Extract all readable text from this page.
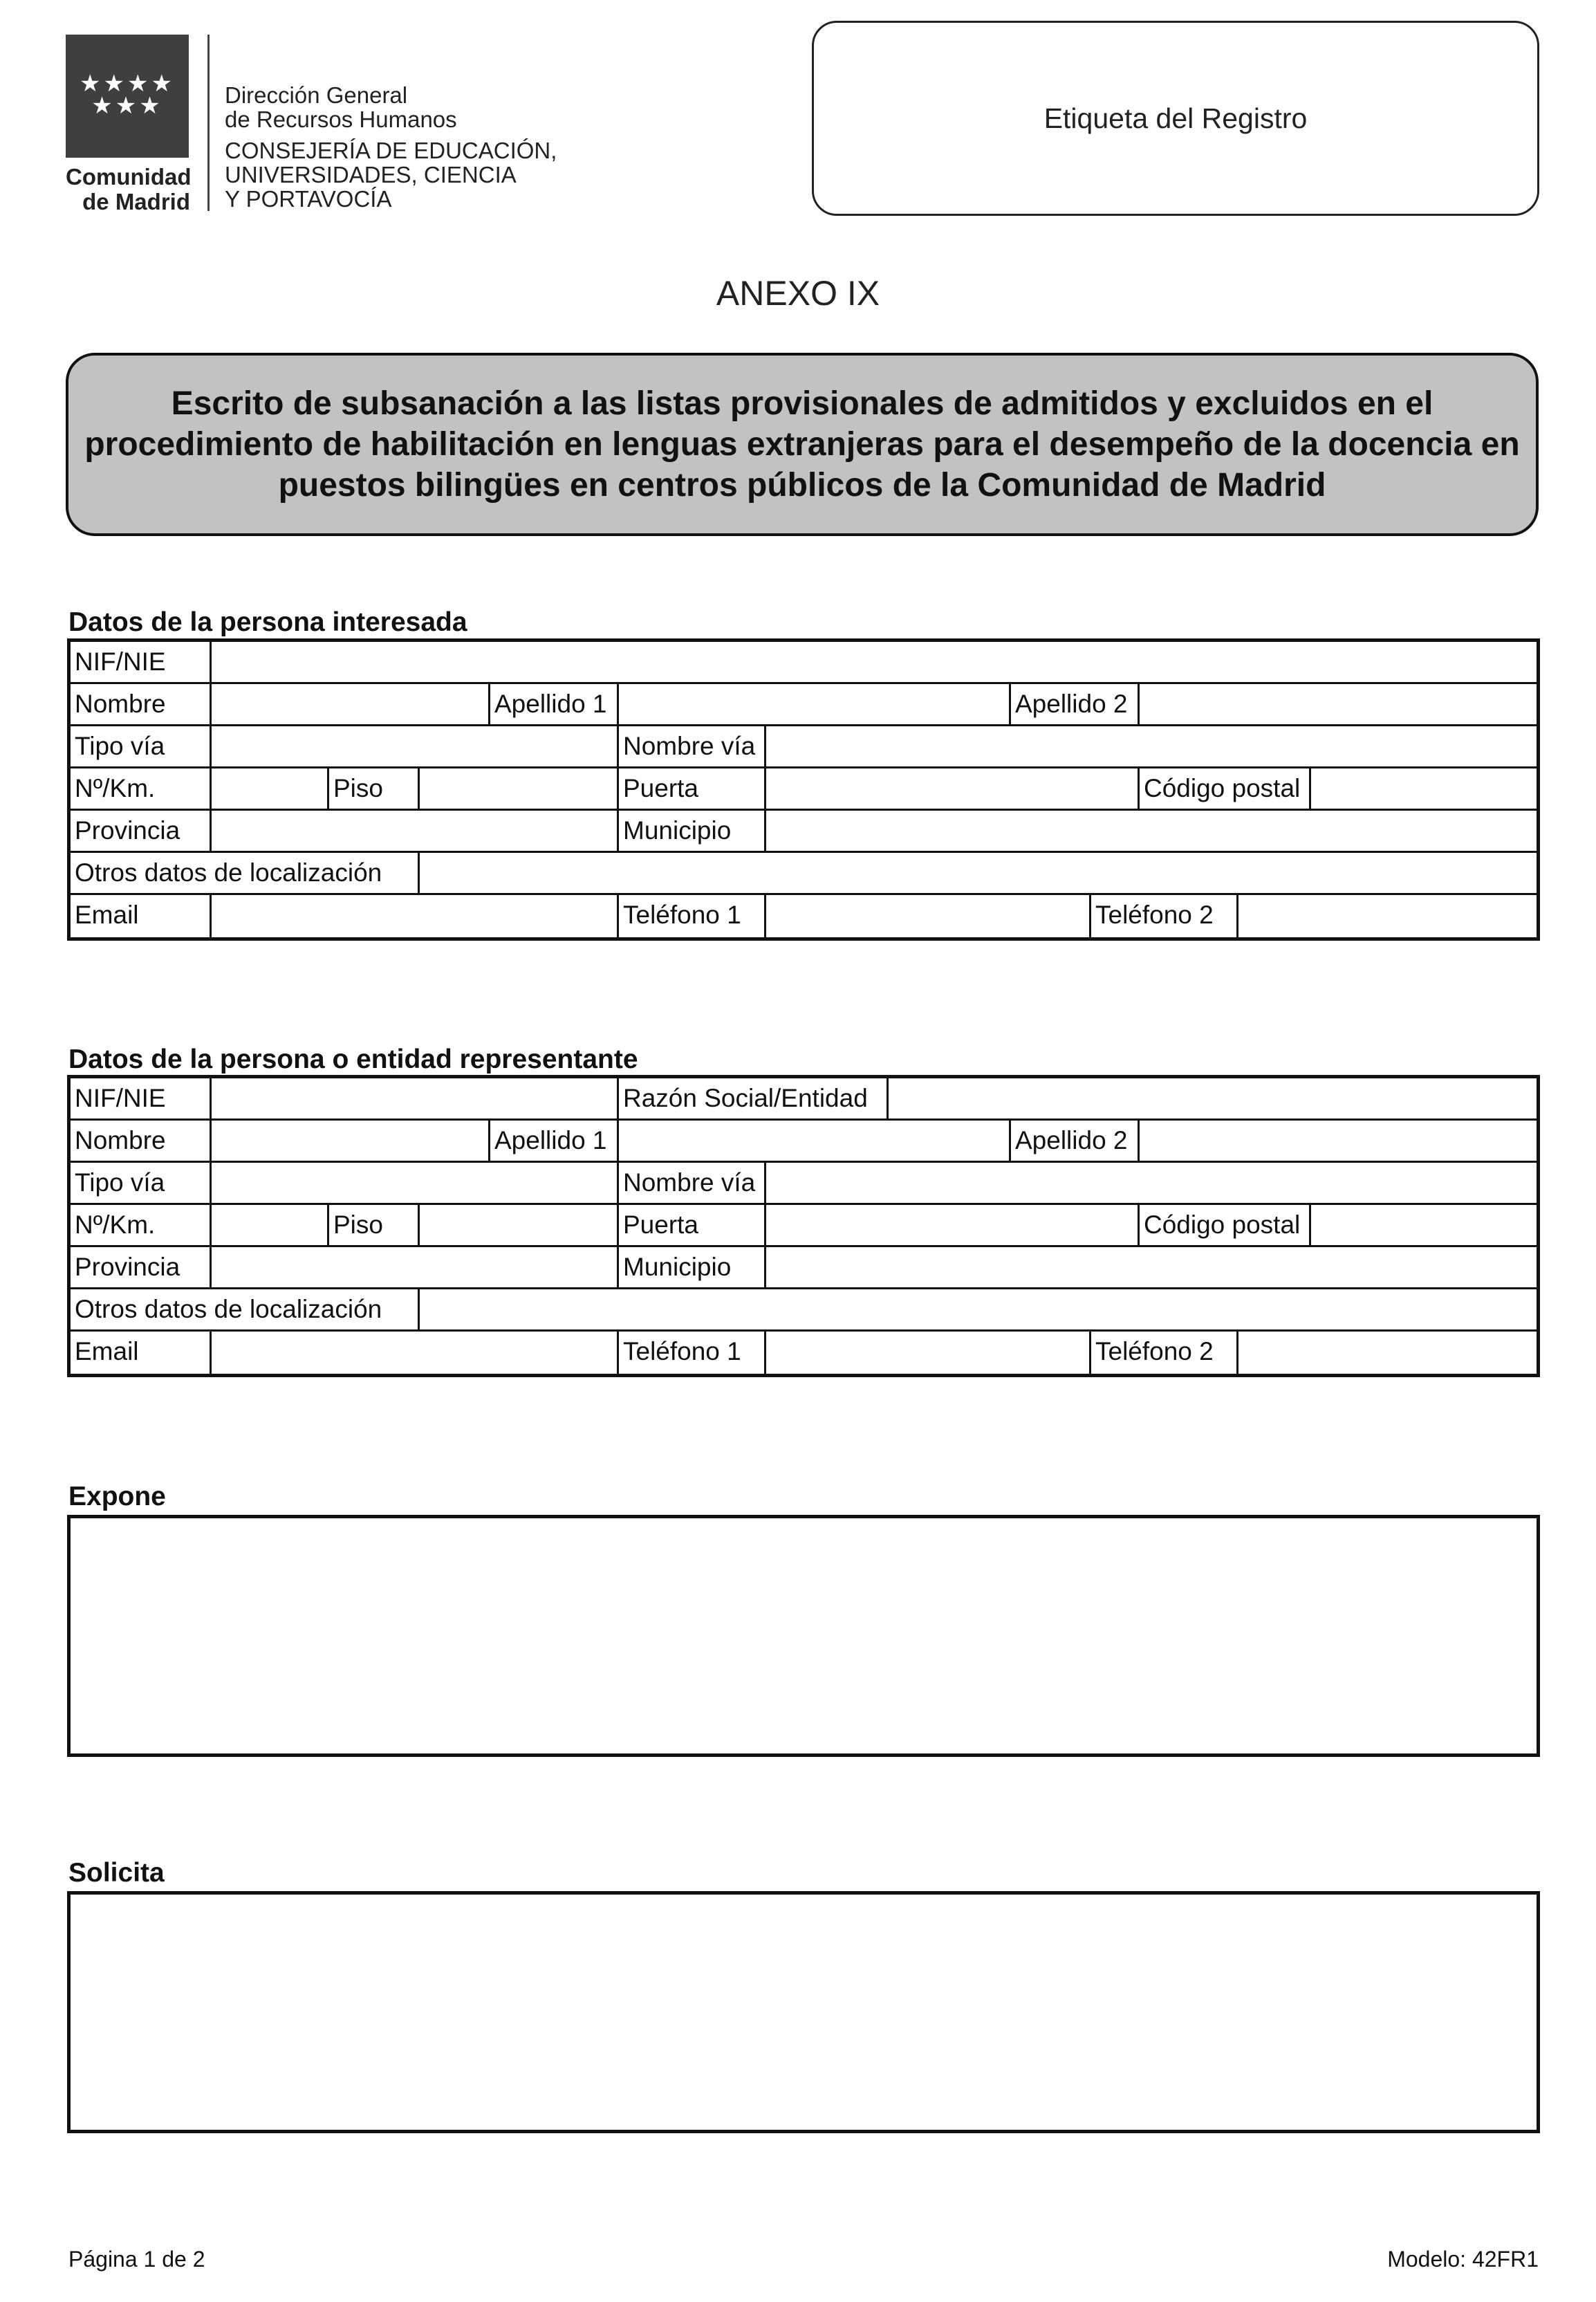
★★★★
★★★
Comunidad
de Madrid
Dirección General
de Recursos Humanos
CONSEJERÍA DE EDUCACIÓN,
UNIVERSIDADES, CIENCIA
Y PORTAVOCÍA
Etiqueta del Registro
ANEXO IX
Escrito de subsanación a las listas provisionales de admitidos y excluidos en el procedimiento de habilitación en lenguas extranjeras para el desempeño de la docencia en puestos bilingües en centros públicos de la Comunidad de Madrid
Datos de la persona interesada
NIF/NIE
Nombre	Apellido 1	Apellido 2
Tipo vía	Nombre vía
Nº/Km.	Piso	Puerta	Código postal
Provincia	Municipio
Otros datos de localización
Email	Teléfono 1	Teléfono 2
Datos de la persona o entidad representante
NIF/NIE	Razón Social/Entidad
Nombre	Apellido 1	Apellido 2
Tipo vía	Nombre vía
Nº/Km.	Piso	Puerta	Código postal
Provincia	Municipio
Otros datos de localización
Email	Teléfono 1	Teléfono 2
Expone
Solicita
Página 1 de 2	Modelo: 42FR1
